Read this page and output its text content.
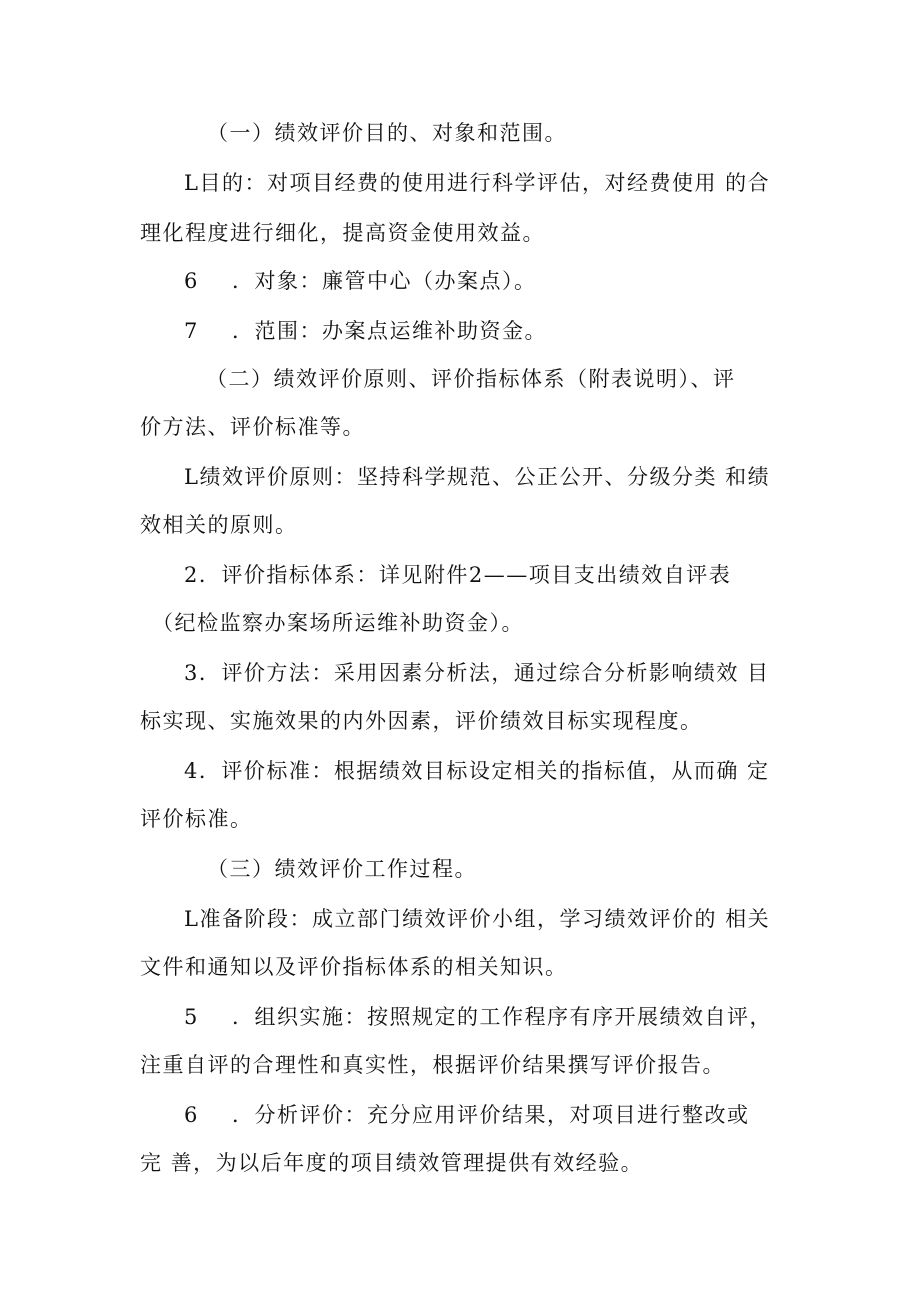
（一）绩效评价目的、对象和范围。
L目的：对项目经费的使用进行科学评估，对经费使用 的合
理化程度进行细化，提高资金使用效益。
6 ．对象：廉管中心（办案点）。
7 ．范围：办案点运维补助资金。
（二）绩效评价原则、评价指标体系（附表说明）、评
价方法、评价标准等。
L绩效评价原则：坚持科学规范、公正公开、分级分类 和绩
效相关的原则。
2．评价指标体系：详见附件2——项目支出绩效自评表
（纪检监察办案场所运维补助资金）。
3．评价方法：采用因素分析法，通过综合分析影响绩效 目
标实现、实施效果的内外因素，评价绩效目标实现程度。
4．评价标准：根据绩效目标设定相关的指标值，从而确 定
评价标准。
（三）绩效评价工作过程。
L准备阶段：成立部门绩效评价小组，学习绩效评价的 相关
文件和通知以及评价指标体系的相关知识。
5 ．组织实施：按照规定的工作程序有序开展绩效自评，
注重自评的合理性和真实性，根据评价结果撰写评价报告。
6 ．分析评价：充分应用评价结果，对项目进行整改或
完 善，为以后年度的项目绩效管理提供有效经验。
